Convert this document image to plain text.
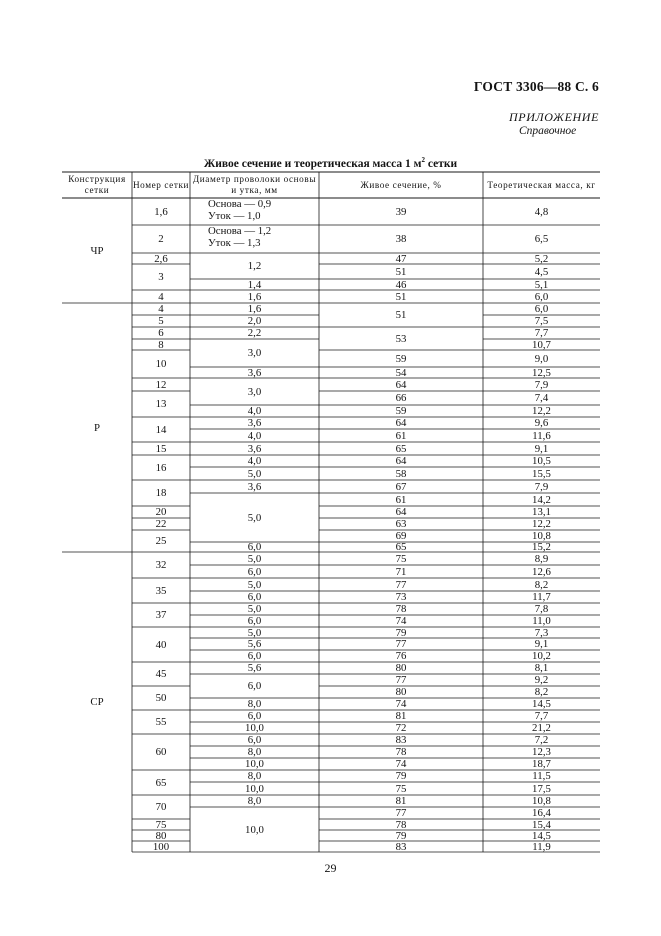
ГОСТ 3306—88 С. 6
ПРИЛОЖЕНИЕ
Справочное
Живое сечение и теоретическая масса 1 $м^2$ сетки
Конструкция сетки
Номер сетки
Диаметр проволоки основы и утка, мм
Живое сечение, %	Теоретическая масса, кг
ЧР
1,6
2
2,6
3
4
Основа — 0,9
Уток — 1,0
Основа — 1,2
Уток — 1,3
1,2
1,4
1,6
39
38
47
51
46
51
4,8
6,5
5,2
4,5
5,1
6,0
Р
4
5
6
8
10
12
13
14
15
16
18
20
22
25
1,6
2,0
2,2
3,0
3,6
3,0
4,0
3,6
4,0
3,6
4,0
5,0
3,6
5,0
6,0
51
53
59
54
64
66
59
64
61
65
64
58
67
61
64
63
69
65
6,0
7,5
7,7
10,7
9,0
12,5
7,9
7,4
12,2
9,6
11,6
9,1
10,5
15,5
7,9
14,2
13,1
12,2
10,8
15,2
СР
32
35
37
40
45
50
55
60
65
70
75
80
100
5,0
6,0
5,0
6,0
5,0
6,0
5,0
5,6
6,0
5,6
6,0
8,0
6,0
10,0
6,0
8,0
10,0
8,0
10,0
8,0
10,0
75
71
77
73
78
74
79
77
76
80
77
80
74
81
72
83
78
74
79
75
81
77
78
79
83
8,9
12,6
8,2
11,7
7,8
11,0
7,3
9,1
10,2
8,1
9,2
8,2
14,5
7,7
21,2
7,2
12,3
18,7
11,5
17,5
10,8
16,4
15,4
14,5
11,9
29
